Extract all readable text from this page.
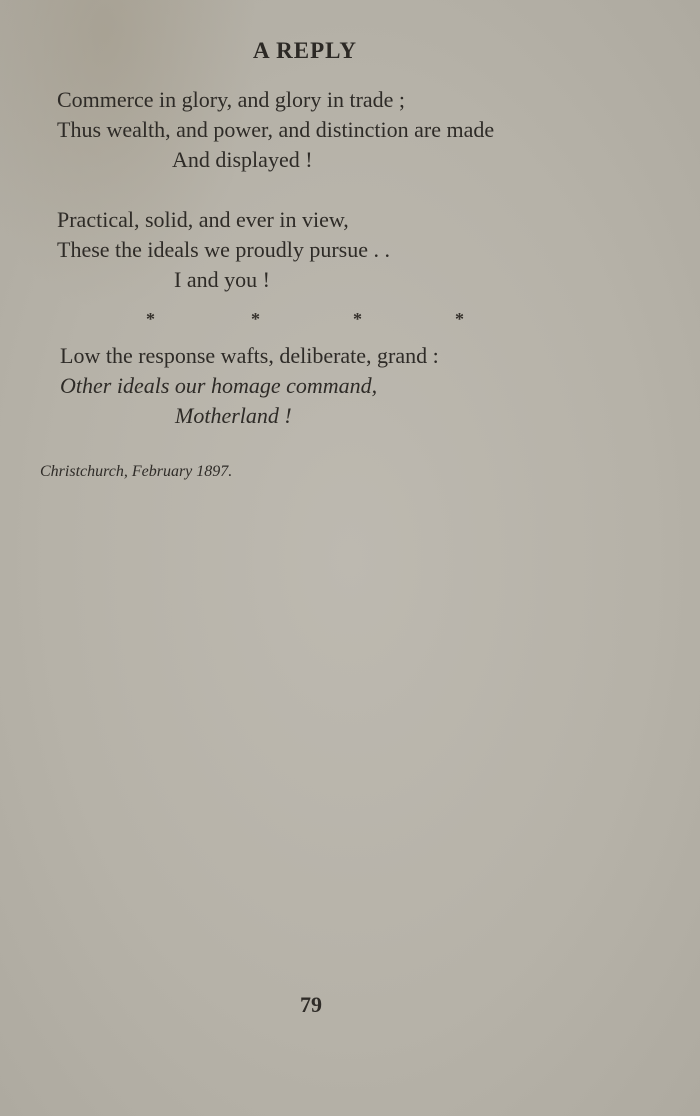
A REPLY
Commerce in glory, and glory in trade ;
Thus wealth, and power, and distinction are made
And displayed !
Practical, solid, and ever in view,
These the ideals we proudly pursue . .
I and you !
*	*	*	*
Low the response wafts, deliberate, grand :
Other ideals our homage command,
Motherland !
Christchurch, February 1897.
79
